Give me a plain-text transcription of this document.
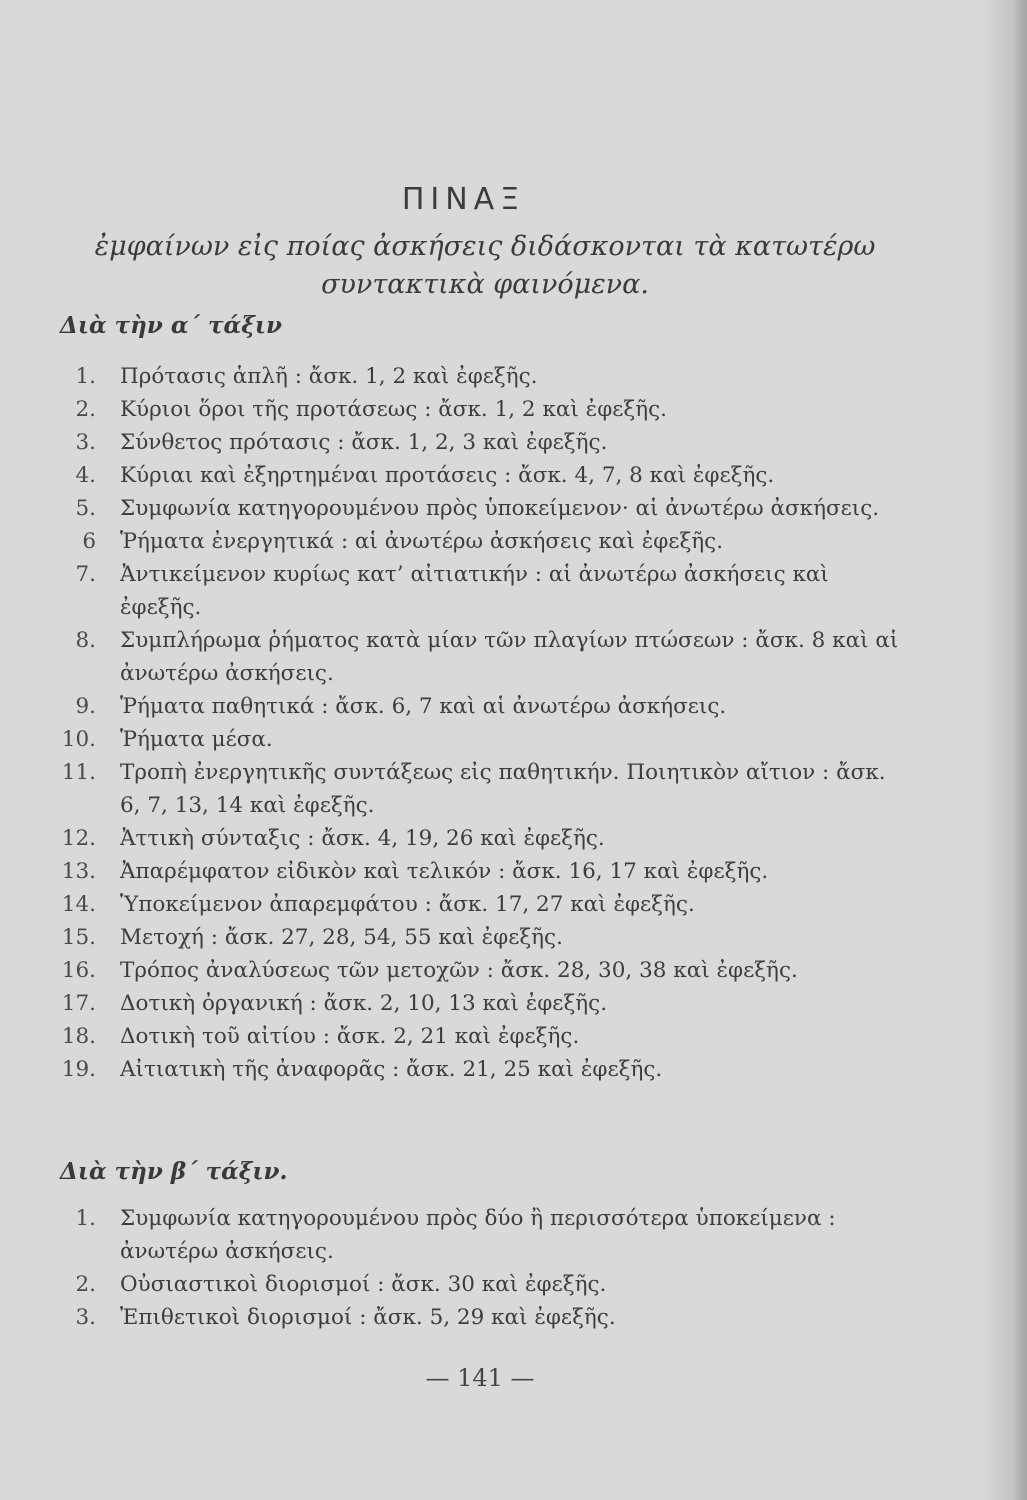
ΠΙΝΑΞ
ἐμφαίνων εἰς ποίας ἀσκήσεις διδάσκονται τὰ κατωτέρω
συντακτικὰ φαινόμενα.
Διὰ τὴν α΄ τάξιν
1. Πρότασις ἁπλῆ : ἄσκ. 1, 2 καὶ ἐφεξῆς.
2. Κύριοι ὅροι τῆς προτάσεως : ἄσκ. 1, 2 καὶ ἐφεξῆς.
3. Σύνθετος πρότασις : ἄσκ. 1, 2, 3 καὶ ἐφεξῆς.
4. Κύριαι καὶ ἐξηρτημέναι προτάσεις : ἄσκ. 4, 7, 8 καὶ ἐφεξῆς.
5. Συμφωνία κατηγορουμένου πρὸς ὑποκείμενον· αἱ ἀνωτέρω ἀσκήσεις.
6 Ῥήματα ἐνεργητικά : αἱ ἀνωτέρω ἀσκήσεις καὶ ἐφεξῆς.
7. Ἀντικείμενον κυρίως κατ’ αἰτιατικήν : αἱ ἀνωτέρω ἀσκήσεις καὶ ἐφεξῆς.
8. Συμπλήρωμα ῥήματος κατὰ μίαν τῶν πλαγίων πτώσεων : ἄσκ. 8 καὶ αἱ ἀνωτέρω ἀσκήσεις.
9. Ῥήματα παθητικά : ἄσκ. 6, 7 καὶ αἱ ἀνωτέρω ἀσκήσεις.
10. Ῥήματα μέσα.
11. Τροπὴ ἐνεργητικῆς συντάξεως εἰς παθητικήν. Ποιητικὸν αἴτιον : ἄσκ. 6, 7, 13, 14 καὶ ἐφεξῆς.
12. Ἀττικὴ σύνταξις : ἄσκ. 4, 19, 26 καὶ ἐφεξῆς.
13. Ἀπαρέμφατον εἰδικὸν καὶ τελικόν : ἄσκ. 16, 17 καὶ ἐφεξῆς.
14. Ὑποκείμενον ἀπαρεμφάτου : ἄσκ. 17, 27 καὶ ἐφεξῆς.
15. Μετοχή : ἄσκ. 27, 28, 54, 55 καὶ ἐφεξῆς.
16. Τρόπος ἀναλύσεως τῶν μετοχῶν : ἄσκ. 28, 30, 38 καὶ ἐφεξῆς.
17. Δοτικὴ ὀργανική : ἄσκ. 2, 10, 13 καὶ ἐφεξῆς.
18. Δοτικὴ τοῦ αἰτίου : ἄσκ. 2, 21 καὶ ἐφεξῆς.
19. Αἰτιατικὴ τῆς ἀναφορᾶς : ἄσκ. 21, 25 καὶ ἐφεξῆς.
Διὰ τὴν β΄ τάξιν.
1. Συμφωνία κατηγορουμένου πρὸς δύο ἢ περισσότερα ὑποκείμενα : ἀνωτέρω ἀσκήσεις.
2. Οὐσιαστικοὶ διορισμοί : ἄσκ. 30 καὶ ἐφεξῆς.
3. Ἐπιθετικοὶ διορισμοί : ἄσκ. 5, 29 καὶ ἐφεξῆς.
— 141 —
